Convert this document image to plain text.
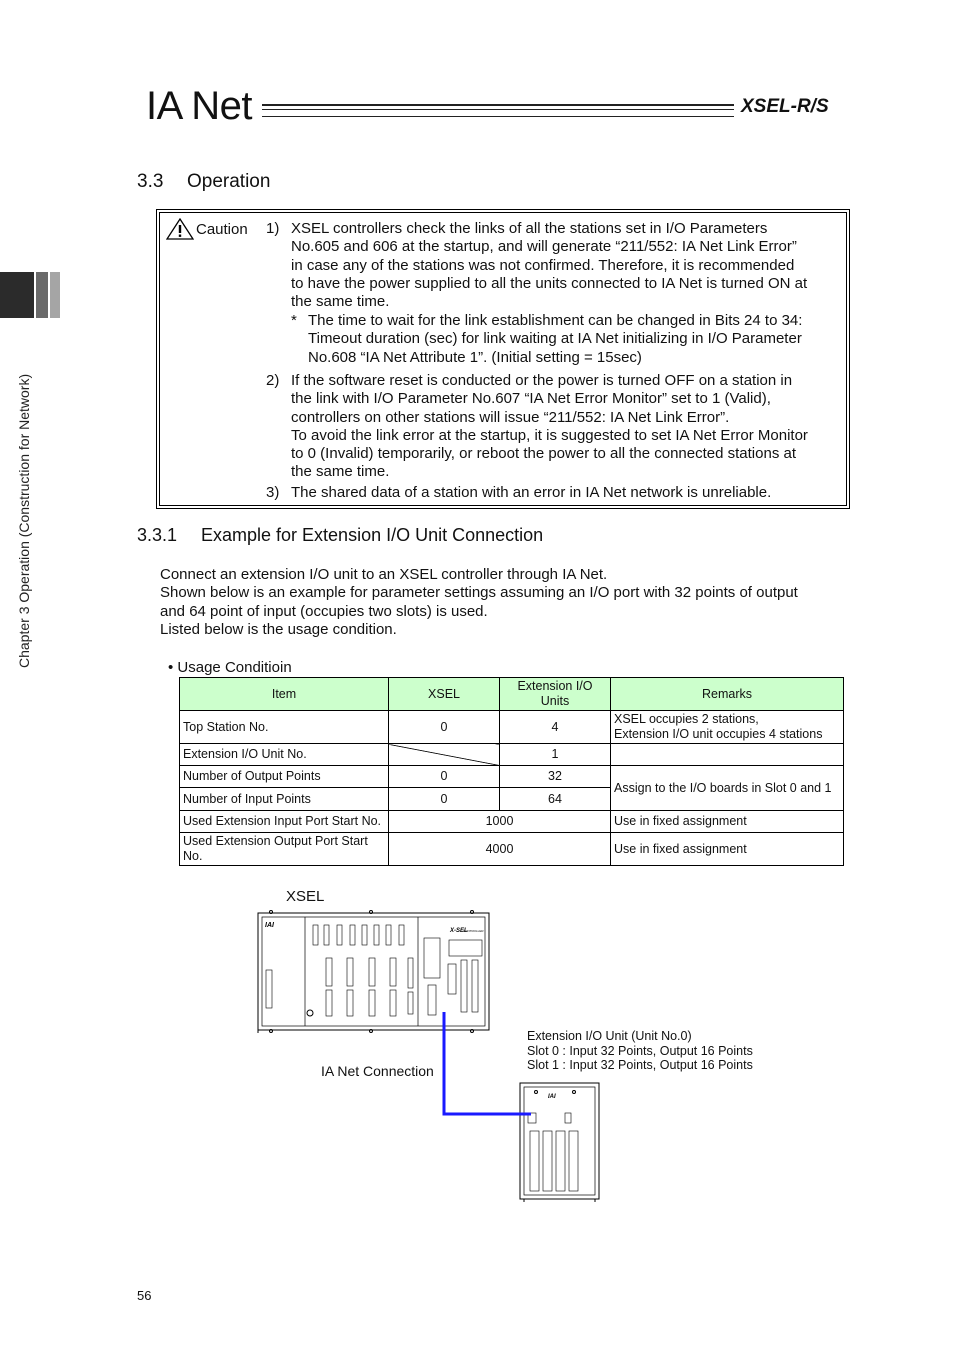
IA Net	XSEL-R/S
Chapter 3 Operation (Construction for Network)
3.3 Operation
Caution 1) XSEL controllers check the links of all the stations set in I/O Parameters
No.605 and 606 at the startup, and will generate “211/552: IA Net Link Error”
in case any of the stations was not confirmed. Therefore, it is recommended
to have the power supplied to all the units connected to IA Net is turned ON at
the same time.
* The time to wait for the link establishment can be changed in Bits 24 to 34:
Timeout duration (sec) for link waiting at IA Net initializing in I/O Parameter
No.608 “IA Net Attribute 1”. (Initial setting = 15sec)
2) If the software reset is conducted or the power is turned OFF on a station in
the link with I/O Parameter No.607 “IA Net Error Monitor” set to 1 (Valid),
controllers on other stations will issue “211/552: IA Net Link Error”.
To avoid the link error at the startup, it is suggested to set IA Net Error Monitor
to 0 (Invalid) temporarily, or reboot the power to all the connected stations at
the same time.
3) The shared data of a station with an error in IA Net network is unreliable.
3.3.1 Example for Extension I/O Unit Connection
Connect an extension I/O unit to an XSEL controller through IA Net.
Shown below is an example for parameter settings assuming an I/O port with 32 points of output
and 64 point of input (occupies two slots) is used.
Listed below is the usage condition.
• Usage Conditioin
Item	XSEL	Extension I/O Units	Remarks
Top Station No.	0	4	XSEL occupies 2 stations,
Extension I/O unit occupies 4 stations

Extension I/O Unit No.		1	
Number of Output Points	0	32	Assign to the I/O boards in Slot 0 and 1
Number of Input Points	0	64	
Used Extension Input Port Start No.	1000		Use in fixed assignment
Used Extension Output Port Start No.	4000		Use in fixed assignment
XSEL
Extension I/O Unit (Unit No.0)
Slot 0 : Input 32 Points, Output 16 Points
Slot 1 : Input 32 Points, Output 16 Points
IA Net Connection
IAI
X-SEL
CONTROLLER
IAI
56
